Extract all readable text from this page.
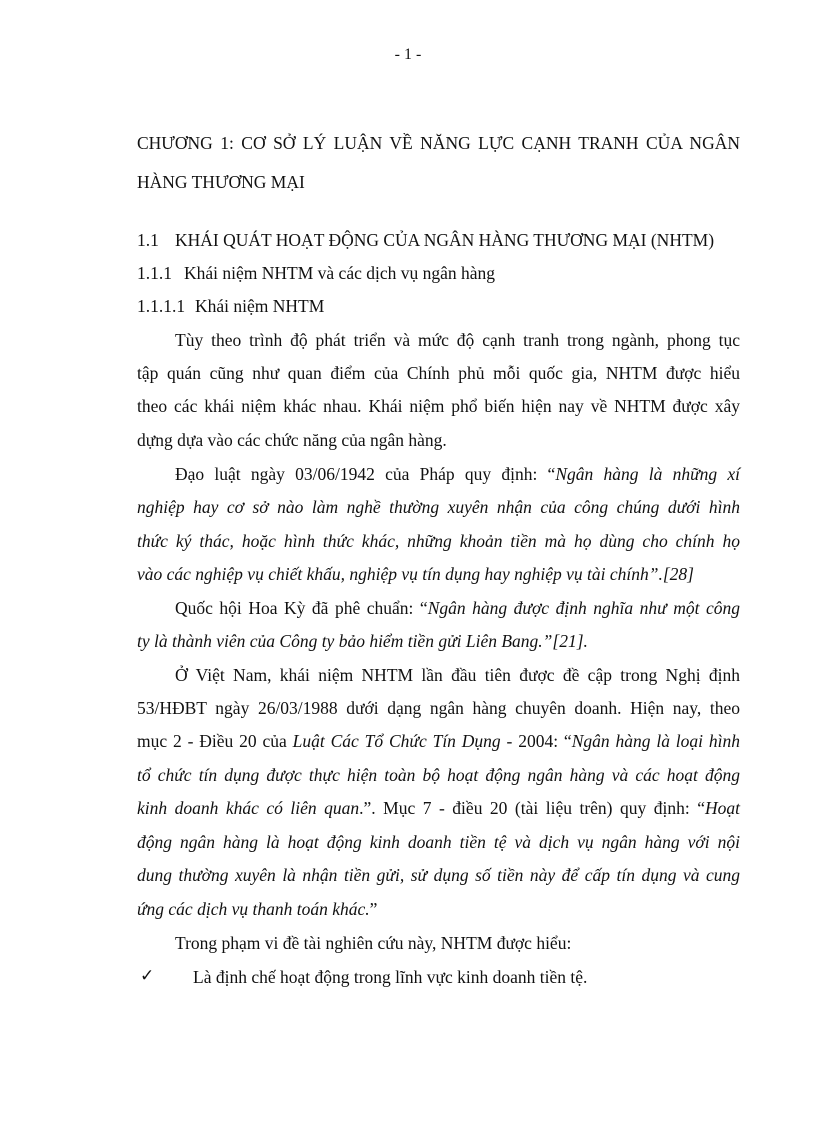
- 1 -
CHƯƠNG 1: CƠ SỞ LÝ LUẬN VỀ NĂNG LỰC CẠNH TRANH CỦA NGÂN
HÀNG THƯƠNG MẠI
1.1 KHÁI QUÁT HOẠT ĐỘNG CỦA NGÂN HÀNG THƯƠNG MẠI (NHTM)
1.1.1 Khái niệm NHTM và các dịch vụ ngân hàng
1.1.1.1 Khái niệm NHTM
Tùy theo trình độ phát triển và mức độ cạnh tranh trong ngành, phong tục
tập quán cũng như quan điểm của Chính phủ mỗi quốc gia, NHTM được hiểu
theo các khái niệm khác nhau. Khái niệm phổ biến hiện nay về NHTM được xây
dựng dựa vào các chức năng của ngân hàng.
Đạo luật ngày 03/06/1942 của Pháp quy định: “Ngân hàng là những xí
nghiệp hay cơ sở nào làm nghề thường xuyên nhận của công chúng dưới hình
thức ký thác, hoặc hình thức khác, những khoản tiền mà họ dùng cho chính họ
vào các nghiệp vụ chiết khấu, nghiệp vụ tín dụng hay nghiệp vụ tài chính”.[28]
Quốc hội Hoa Kỳ đã phê chuẩn: “Ngân hàng được định nghĩa như một công
ty là thành viên của Công ty bảo hiểm tiền gửi Liên Bang.”[21].
Ở Việt Nam, khái niệm NHTM lần đầu tiên được đề cập trong Nghị định
53/HĐBT ngày 26/03/1988 dưới dạng ngân hàng chuyên doanh. Hiện nay, theo
mục 2 - Điều 20 của Luật Các Tổ Chức Tín Dụng - 2004: “Ngân hàng là loại hình
tổ chức tín dụng được thực hiện toàn bộ hoạt động ngân hàng và các hoạt động
kinh doanh khác có liên quan.”. Mục 7 - điều 20 (tài liệu trên) quy định: “Hoạt
động ngân hàng là hoạt động kinh doanh tiền tệ và dịch vụ ngân hàng với nội
dung thường xuyên là nhận tiền gửi, sử dụng số tiền này để cấp tín dụng và cung
ứng các dịch vụ thanh toán khác.”
Trong phạm vi đề tài nghiên cứu này, NHTM được hiểu:
✓ Là định chế hoạt động trong lĩnh vực kinh doanh tiền tệ.
